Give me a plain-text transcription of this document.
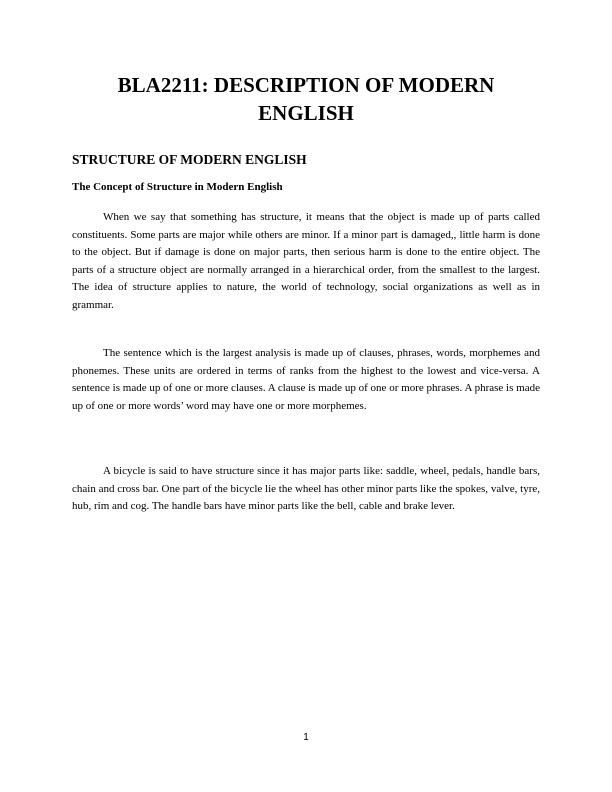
BLA2211: DESCRIPTION OF MODERN ENGLISH
STRUCTURE OF MODERN ENGLISH
The Concept of Structure in Modern English

When we say that something has structure, it means that the object is made up of parts called constituents. Some parts are major while others are minor. If a minor part is damaged,, little harm is done to the object. But if damage is done on major parts, then serious harm is done to the entire object. The parts of a structure object are normally arranged in a hierarchical order, from the smallest to the largest. The idea of structure applies to nature, the world of technology, social organizations as well as in grammar.

The sentence which is the largest analysis is made up of clauses, phrases, words, morphemes and phonemes. These units are ordered in terms of ranks from the highest to the lowest and vice-versa. A sentence is made up of one or more clauses. A clause is made up of one or more phrases. A phrase is made up of one or more words’ word may have one or more morphemes.

A bicycle is said to have structure since it has major parts like: saddle, wheel, pedals, handle bars, chain and cross bar. One part of the bicycle lie the wheel has other minor parts like the spokes, valve, tyre, hub, rim and cog. The handle bars have minor parts like the bell, cable and brake lever.

1
